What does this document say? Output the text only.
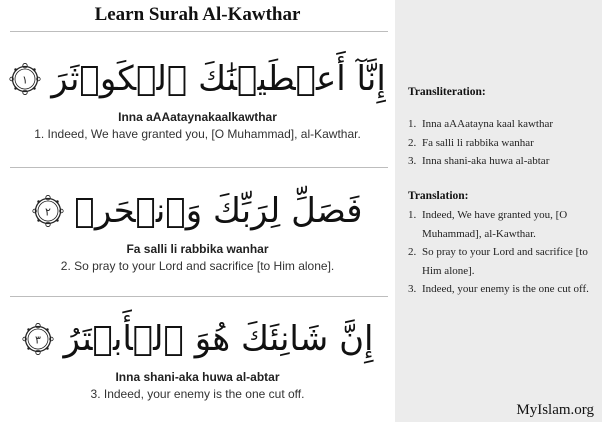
Learn Surah Al-Kawthar
١ إِنَّآ أَعۡطَيۡنَٰكَ ٱلۡكَوۡثَرَ
Inna aAAataynakaalkawthar
1. Indeed, We have granted you, [O Muhammad], al-Kawthar.
٢ فَصَلِّ لِرَبِّكَ وَٱنۡحَرۡ
Fa salli li rabbika wanhar
2. So pray to your Lord and sacrifice [to Him alone].
٣ إِنَّ شَانِئَكَ هُوَ ٱلۡأَبۡتَرُ
Inna shani-aka huwa al-abtar
3. Indeed, your enemy is the one cut off.
Transliteration:
1. Inna aAAatayna kaal kawthar
2. Fa salli li rabbika wanhar
3. Inna shani-aka huwa al-abtar
Translation:
1. Indeed, We have granted you, [O Muhammad], al-Kawthar.
2. So pray to your Lord and sacrifice [to Him alone].
3. Indeed, your enemy is the one cut off.
MyIslam.org
